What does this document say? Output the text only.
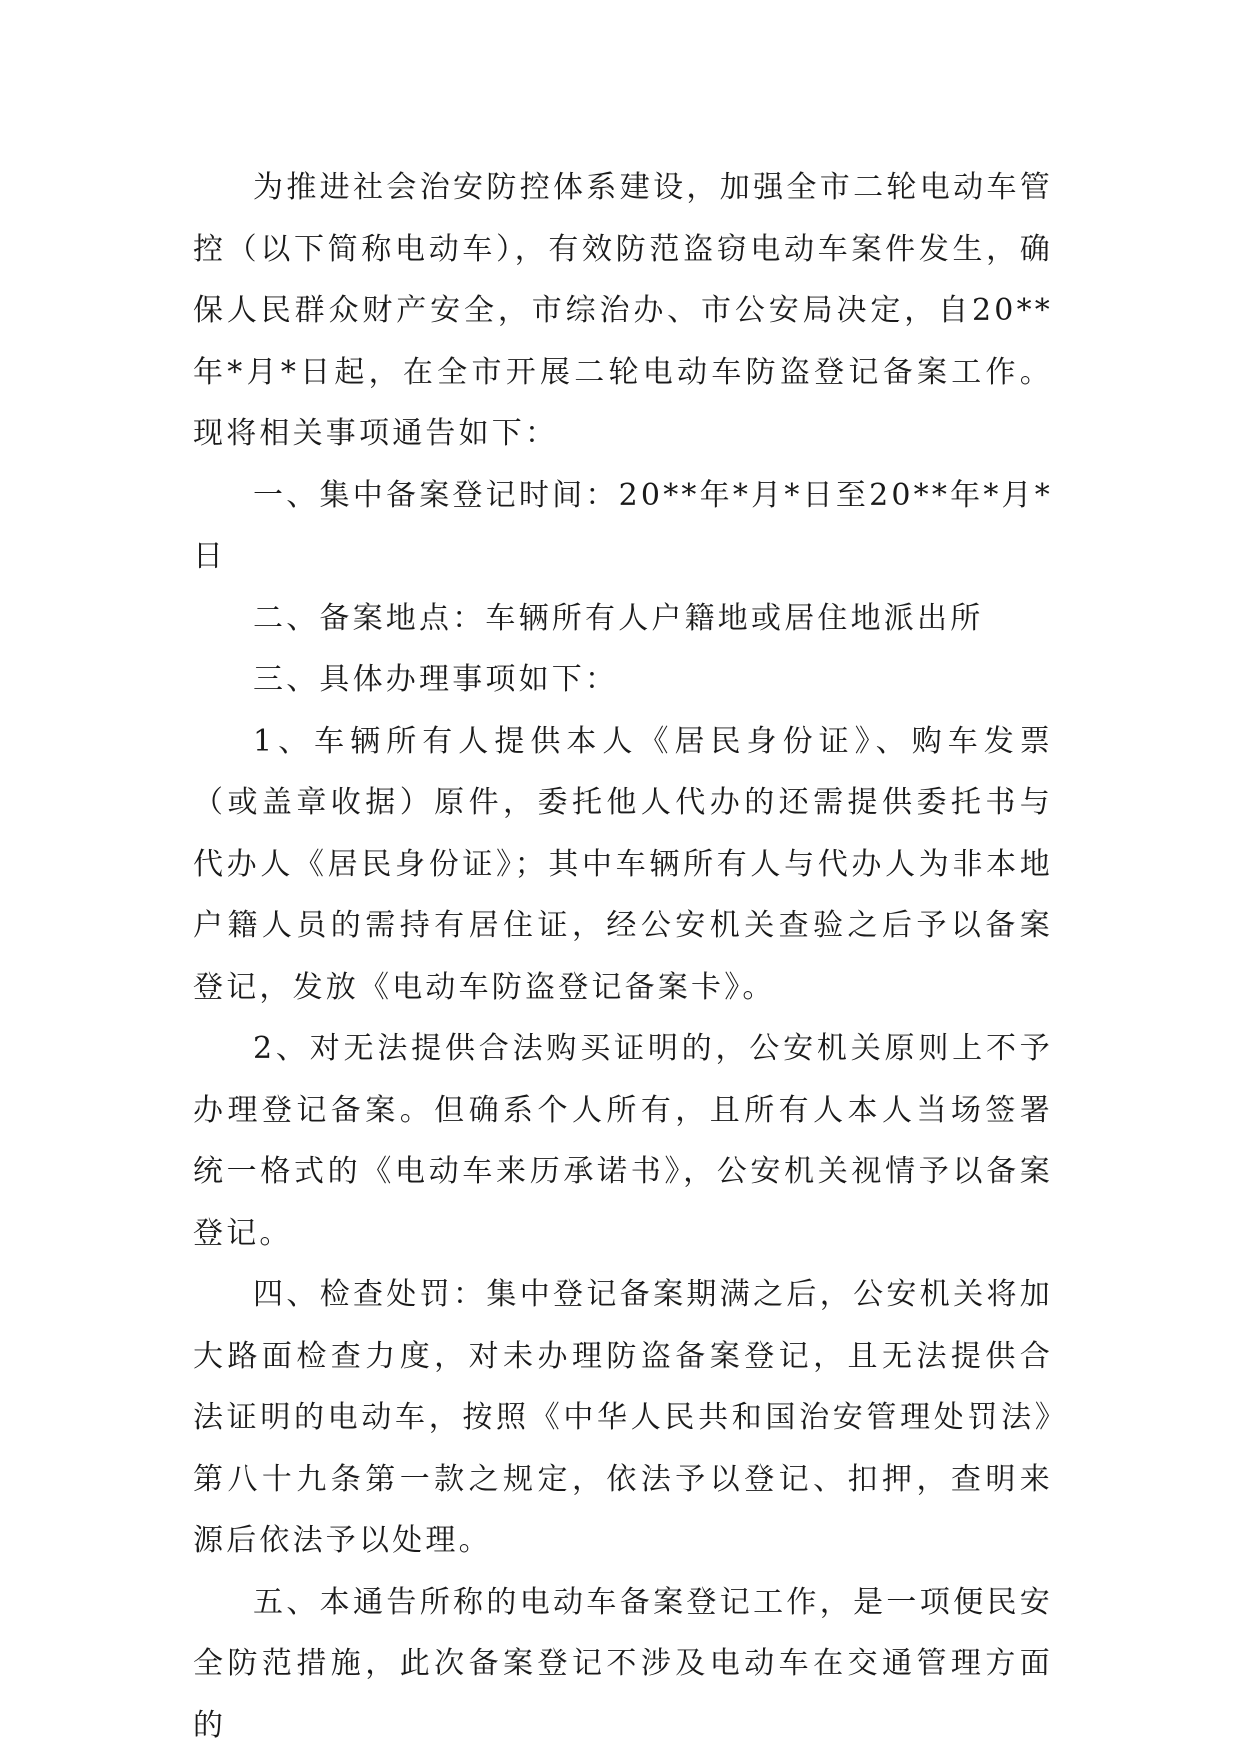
为推进社会治安防控体系建设，加强全市二轮电动车管控（以下简称电动车），有效防范盗窃电动车案件发生，确保人民群众财产安全，市综治办、市公安局决定，自20**年*月*日起，在全市开展二轮电动车防盗登记备案工作。现将相关事项通告如下：

一、集中备案登记时间：20**年*月*日至20**年*月*日

二、备案地点：车辆所有人户籍地或居住地派出所

三、具体办理事项如下：

1、车辆所有人提供本人《居民身份证》、购车发票（或盖章收据）原件，委托他人代办的还需提供委托书与代办人《居民身份证》；其中车辆所有人与代办人为非本地户籍人员的需持有居住证，经公安机关查验之后予以备案登记，发放《电动车防盗登记备案卡》。

2、对无法提供合法购买证明的，公安机关原则上不予办理登记备案。但确系个人所有，且所有人本人当场签署统一格式的《电动车来历承诺书》，公安机关视情予以备案登记。

四、检查处罚：集中登记备案期满之后，公安机关将加大路面检查力度，对未办理防盗备案登记，且无法提供合法证明的电动车，按照《中华人民共和国治安管理处罚法》第八十九条第一款之规定，依法予以登记、扣押，查明来源后依法予以处理。

五、本通告所称的电动车备案登记工作，是一项便民安全防范措施，此次备案登记不涉及电动车在交通管理方面的
